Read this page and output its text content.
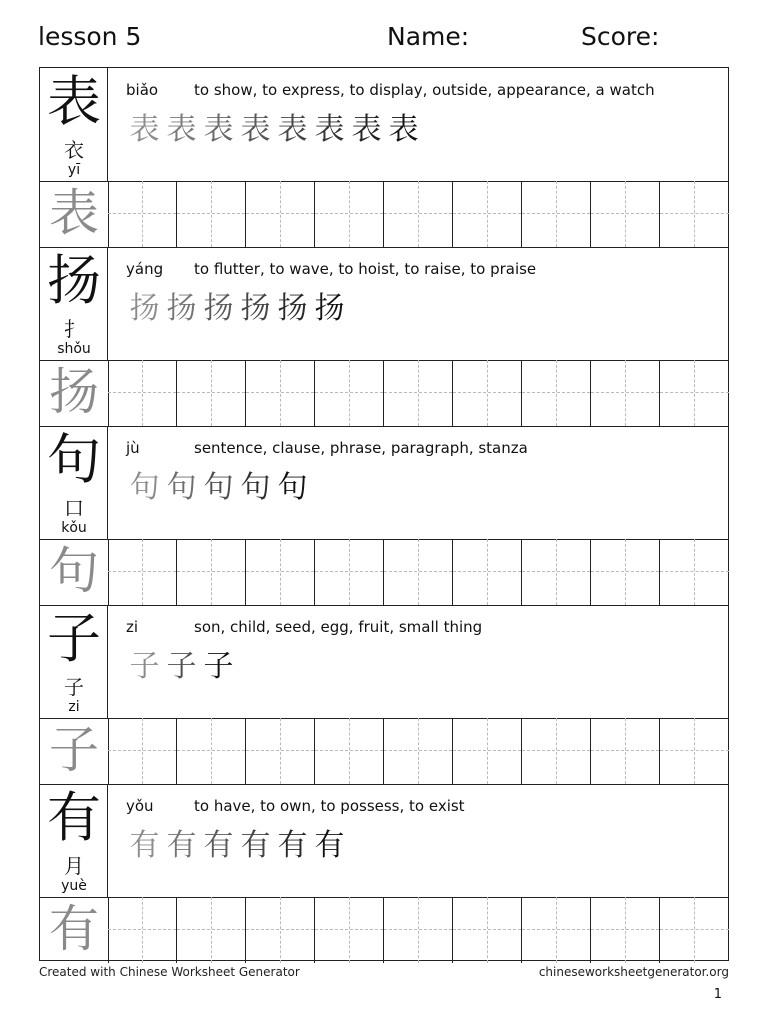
lesson 5	Name:	Score:
表
衣
yī
biǎo to show, to express, to display, outside, appearance, a watch
表 表 表 表 表 表 表 表
表
扬
扌
shǒu
yáng to flutter, to wave, to hoist, to raise, to praise
扬 扬 扬 扬 扬 扬
扬
句
口
kǒu
jù	sentence, clause, phrase, paragraph, stanza
句 句 句 句 句
句
子
子
zi
zi	son, child, seed, egg, fruit, small thing
子 子 子
子
有
月
yuè
yǒu	to have, to own, to possess, to exist
有 有 有 有 有 有
有
Created with Chinese Worksheet Generator	chineseworksheetgenerator.org
1
